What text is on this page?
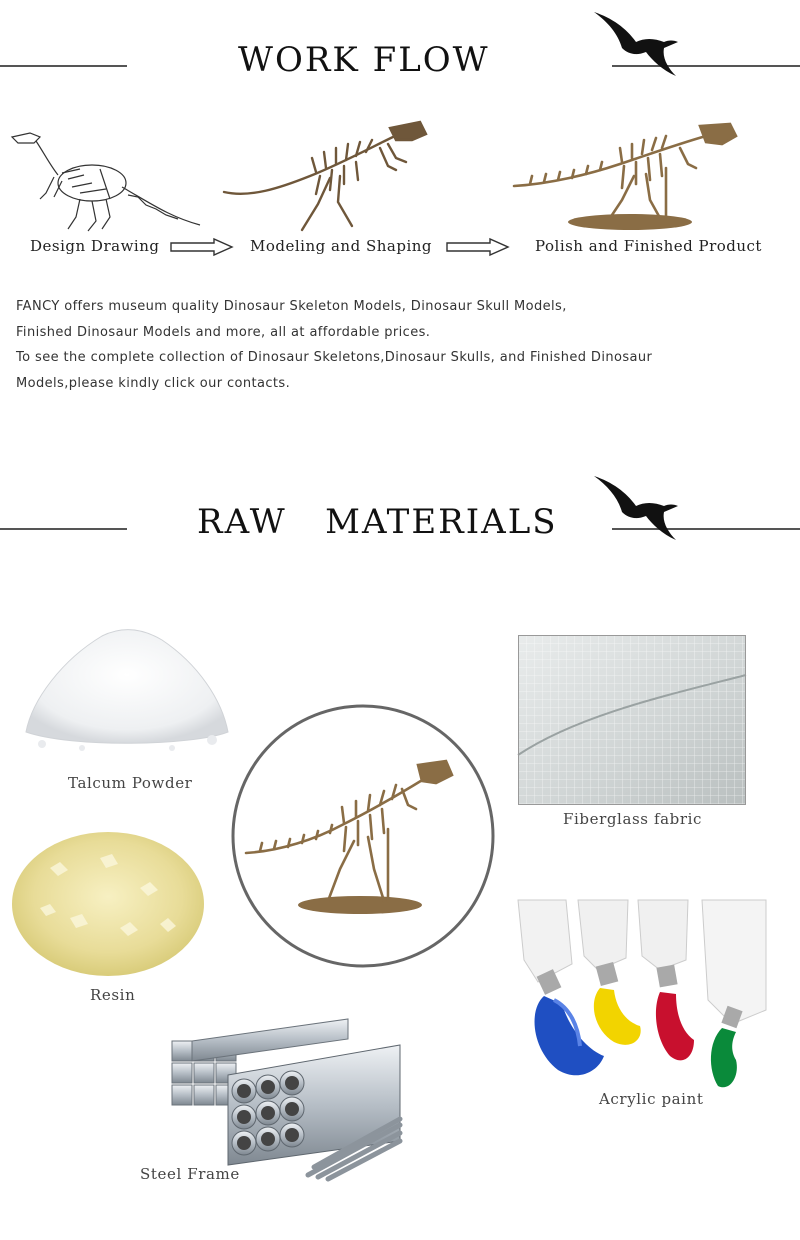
WORK FLOW
Design Drawing	Modeling and Shaping	Polish and Finished Product

FANCY offers museum quality Dinosaur Skeleton Models, Dinosaur Skull Models,

Finished Dinosaur Models and more, all at affordable prices.

To see the complete collection of Dinosaur Skeletons,Dinosaur Skulls, and Finished Dinosaur

Models,please kindly click our contacts.

RAW   MATERIALS
Talcum Powder
Resin
Fiberglass fabric
Acrylic paint
Steel Frame
